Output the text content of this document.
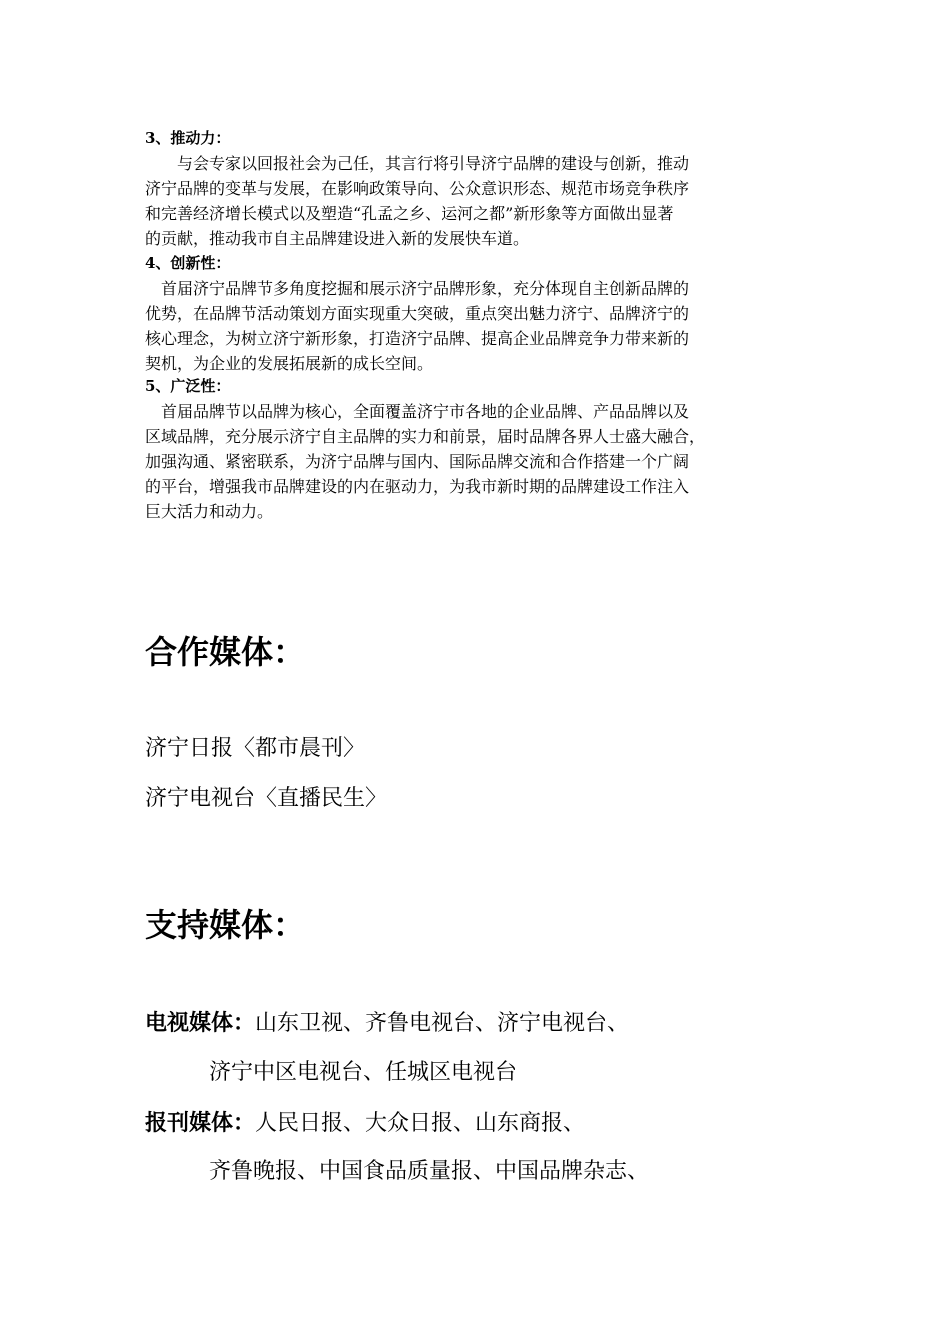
3、推动力：

与会专家以回报社会为己任，其言行将引导济宁品牌的建设与创新，推动

济宁品牌的变革与发展，在影响政策导向、公众意识形态、规范市场竞争秩序

和完善经济增长模式以及塑造“孔孟之乡、运河之都”新形象等方面做出显著

的贡献，推动我市自主品牌建设进入新的发展快车道。

4、创新性：

首届济宁品牌节多角度挖掘和展示济宁品牌形象，充分体现自主创新品牌的

优势，在品牌节活动策划方面实现重大突破，重点突出魅力济宁、品牌济宁的

核心理念，为树立济宁新形象，打造济宁品牌、提高企业品牌竞争力带来新的

契机，为企业的发展拓展新的成长空间。

5、广泛性：

首届品牌节以品牌为核心，全面覆盖济宁市各地的企业品牌、产品品牌以及

区域品牌，充分展示济宁自主品牌的实力和前景，届时品牌各界人士盛大融合，

加强沟通、紧密联系，为济宁品牌与国内、国际品牌交流和合作搭建一个广阔

的平台，增强我市品牌建设的内在驱动力，为我市新时期的品牌建设工作注入

巨大活力和动力。

合作媒体：

济宁日报〈都市晨刊〉

济宁电视台〈直播民生〉

支持媒体：

电视媒体：山东卫视、齐鲁电视台、济宁电视台、

济宁中区电视台、任城区电视台

报刊媒体：人民日报、大众日报、山东商报、

齐鲁晚报、中国食品质量报、中国品牌杂志、
